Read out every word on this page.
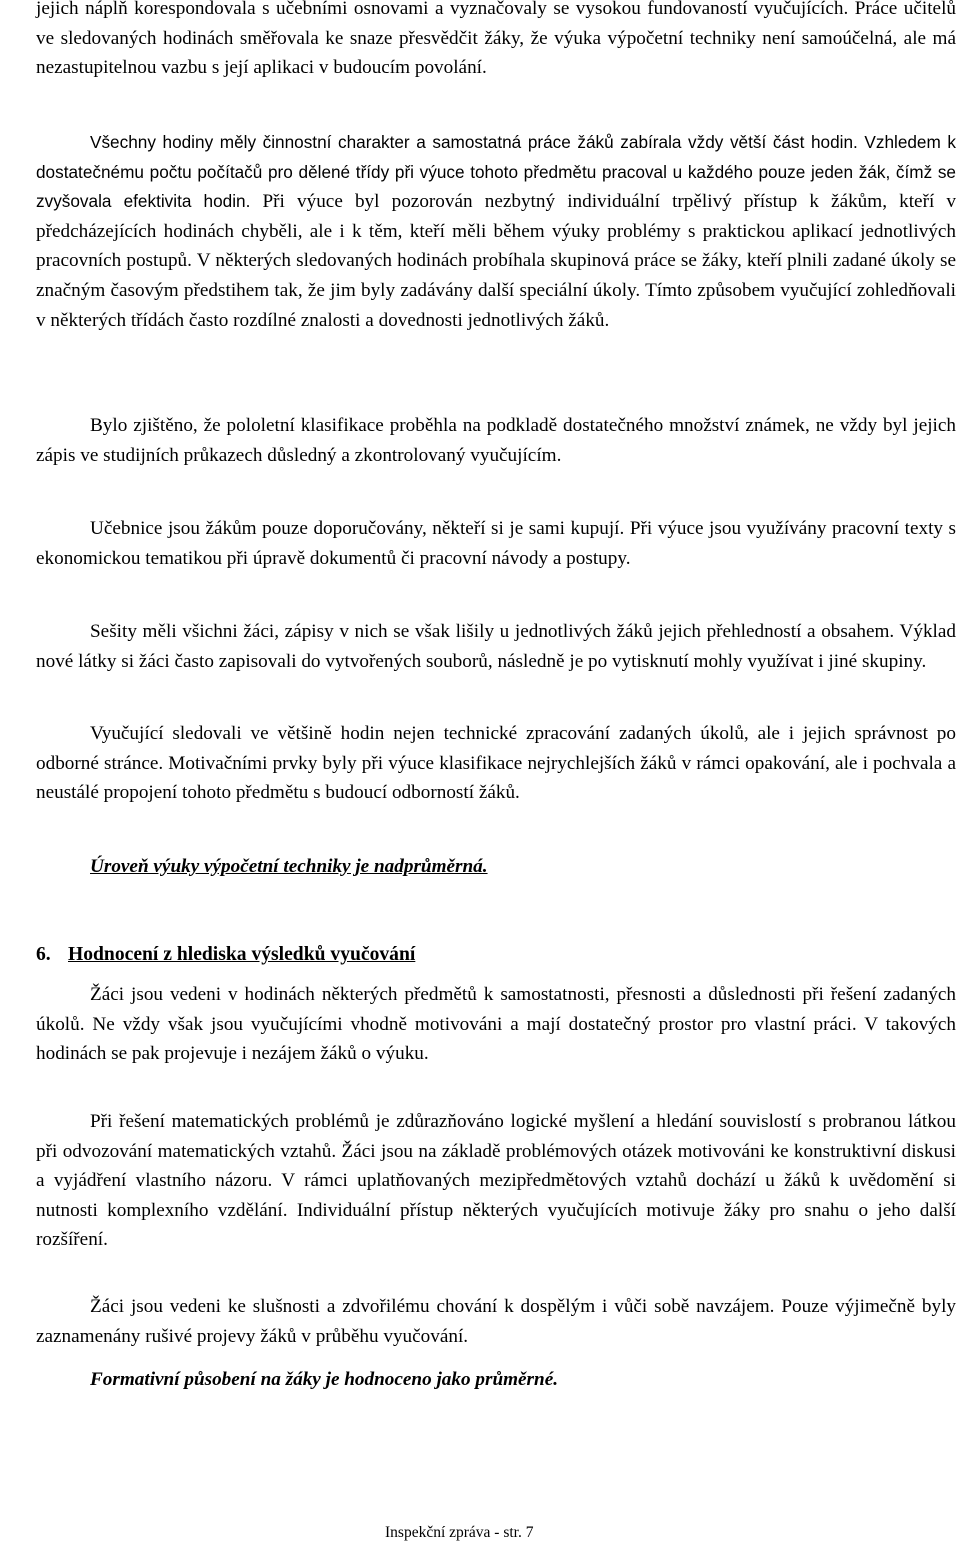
jejich náplň korespondovala s učebními osnovami a vyznačovaly se vysokou fundovaností vyučujících. Práce učitelů ve sledovaných hodinách směřovala ke snaze přesvědčit žáky, že výuka výpočetní techniky není samoúčelná, ale má nezastupitelnou vazbu s její aplikaci v budoucím povolání.

Všechny hodiny měly činnostní charakter a samostatná práce žáků zabírala vždy větší část hodin. Vzhledem k dostatečnému počtu počítačů pro dělené třídy při výuce tohoto předmětu pracoval u každého pouze jeden žák, čímž se zvyšovala efektivita hodin. Při výuce byl pozorován nezbytný individuální trpělivý přístup k žákům, kteří v předcházejících hodinách chyběli, ale i k těm, kteří měli během výuky problémy s praktickou aplikací jednotlivých pracovních postupů. V některých sledovaných hodinách probíhala skupinová práce se žáky, kteří plnili zadané úkoly se značným časovým předstihem tak, že jim byly zadávány další speciální úkoly. Tímto způsobem vyučující zohledňovali v některých třídách často rozdílné znalosti a dovednosti jednotlivých žáků.

Bylo zjištěno, že pololetní klasifikace proběhla na podkladě dostatečného množství známek, ne vždy byl jejich zápis ve studijních průkazech důsledný a zkontrolovaný vyučujícím.

Učebnice jsou žákům pouze doporučovány, někteří si je sami kupují. Při výuce jsou využívány pracovní texty s ekonomickou tematikou při úpravě dokumentů či pracovní návody a postupy.

Sešity měli všichni žáci, zápisy v nich se však lišily u jednotlivých žáků jejich přehledností a obsahem. Výklad nové látky si žáci často zapisovali do vytvořených souborů, následně je po vytisknutí mohly využívat i jiné skupiny.

Vyučující sledovali ve většině hodin nejen technické zpracování zadaných úkolů, ale i jejich správnost po odborné stránce. Motivačními prvky byly při výuce klasifikace nejrychlejších žáků v rámci opakování, ale i pochvala a neustálé propojení tohoto předmětu s budoucí odborností žáků.

Úroveň výuky výpočetní techniky je nadprůměrná.
6. Hodnocení z hlediska výsledků vyučování

Žáci jsou vedeni v hodinách některých předmětů k samostatnosti, přesnosti a důslednosti při řešení zadaných úkolů. Ne vždy však jsou vyučujícími vhodně motivováni a mají dostatečný prostor pro vlastní práci. V takových hodinách se pak projevuje i nezájem žáků o výuku.

Při řešení matematických problémů je zdůrazňováno logické myšlení a hledání souvislostí s probranou látkou při odvozování matematických vztahů. Žáci jsou na základě problémových otázek motivováni ke konstruktivní diskusi a vyjádření vlastního názoru. V rámci uplatňovaných mezipředmětových vztahů dochází u žáků k uvědomění si nutnosti komplexního vzdělání. Individuální přístup některých vyučujících motivuje žáky pro snahu o jeho další rozšíření.

Žáci jsou vedeni ke slušnosti a zdvořilému chování k dospělým i vůči sobě navzájem. Pouze výjimečně byly zaznamenány rušivé projevy žáků v průběhu vyučování.

Formativní působení na žáky je hodnoceno jako průměrné.
Inspekční zpráva - str. 7
